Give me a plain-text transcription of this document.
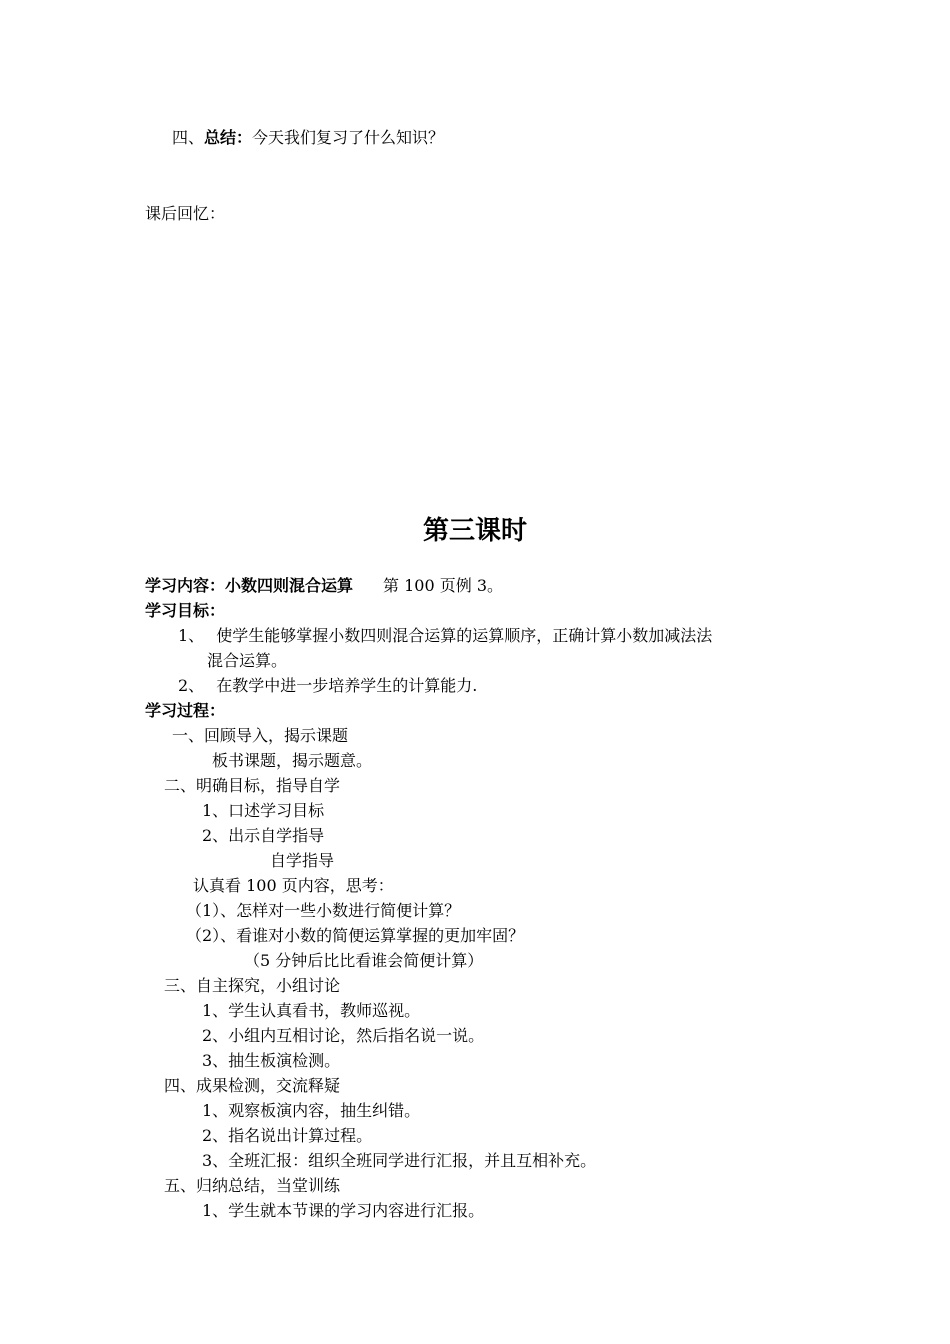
四、总结：今天我们复习了什么知识？
课后回忆：
第三课时
学习内容：小数四则混合运算 第 100 页例 3。
学习目标：
1、 使学生能够掌握小数四则混合运算的运算顺序，正确计算小数加减法法
混合运算。
2、 在教学中进一步培养学生的计算能力.
学习过程：
一、回顾导入，揭示课题
板书课题，揭示题意。
二、明确目标，指导自学
1、口述学习目标
2、出示自学指导
自学指导
认真看 100 页内容，思考：
（1）、怎样对一些小数进行简便计算？
（2）、看谁对小数的简便运算掌握的更加牢固？
（5 分钟后比比看谁会简便计算）
三、自主探究，小组讨论
1、学生认真看书，教师巡视。
2、小组内互相讨论，然后指名说一说。
3、抽生板演检测。
四、成果检测，交流释疑
1、观察板演内容，抽生纠错。
2、指名说出计算过程。
3、全班汇报：组织全班同学进行汇报，并且互相补充。
五、归纳总结，当堂训练
1、学生就本节课的学习内容进行汇报。
